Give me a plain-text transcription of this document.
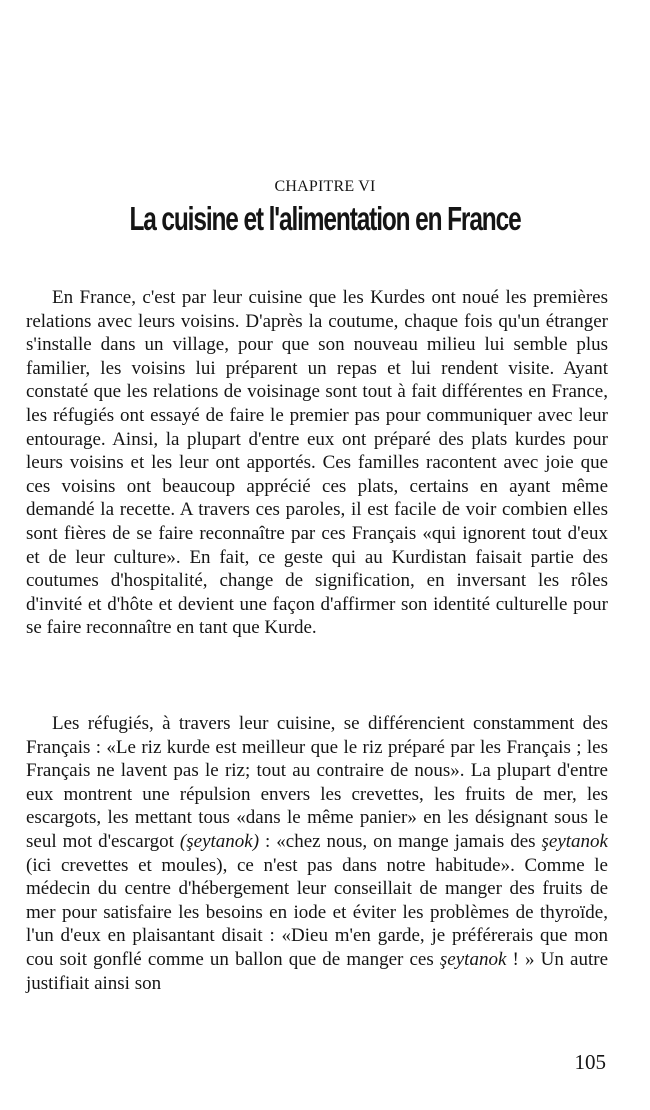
CHAPITRE VI
La cuisine et l'alimentation en France

En France, c'est par leur cuisine que les Kurdes ont noué les premières relations avec leurs voisins. D'après la coutume, chaque fois qu'un étranger s'installe dans un village, pour que son nouveau milieu lui semble plus familier, les voisins lui préparent un repas et lui rendent visite. Ayant constaté que les relations de voisinage sont tout à fait différentes en France, les réfugiés ont essayé de faire le premier pas pour communiquer avec leur entourage. Ainsi, la plupart d'entre eux ont préparé des plats kurdes pour leurs voisins et les leur ont apportés. Ces familles racontent avec joie que ces voisins ont beaucoup apprécié ces plats, certains en ayant même demandé la recette. A travers ces paroles, il est facile de voir combien elles sont fières de se faire reconnaître par ces Français «qui ignorent tout d'eux et de leur culture». En fait, ce geste qui au Kurdistan faisait partie des coutumes d'hospitalité, change de signification, en inversant les rôles d'invité et d'hôte et devient une façon d'affirmer son identité culturelle pour se faire reconnaître en tant que Kurde.

Les réfugiés, à travers leur cuisine, se différencient constamment des Français : «Le riz kurde est meilleur que le riz préparé par les Français ; les Français ne lavent pas le riz; tout au contraire de nous». La plupart d'entre eux montrent une répulsion envers les crevettes, les fruits de mer, les escargots, les mettant tous «dans le même panier» en les désignant sous le seul mot d'escargot (şeytanok) : «chez nous, on mange jamais des şeytanok (ici crevettes et moules), ce n'est pas dans notre habitude». Comme le médecin du centre d'hébergement leur conseillait de manger des fruits de mer pour satisfaire les besoins en iode et éviter les problèmes de thyroïde, l'un d'eux en plaisantant disait : «Dieu m'en garde, je préférerais que mon cou soit gonflé comme un ballon que de manger ces şeytanok ! » Un autre justifiait ainsi son

105
